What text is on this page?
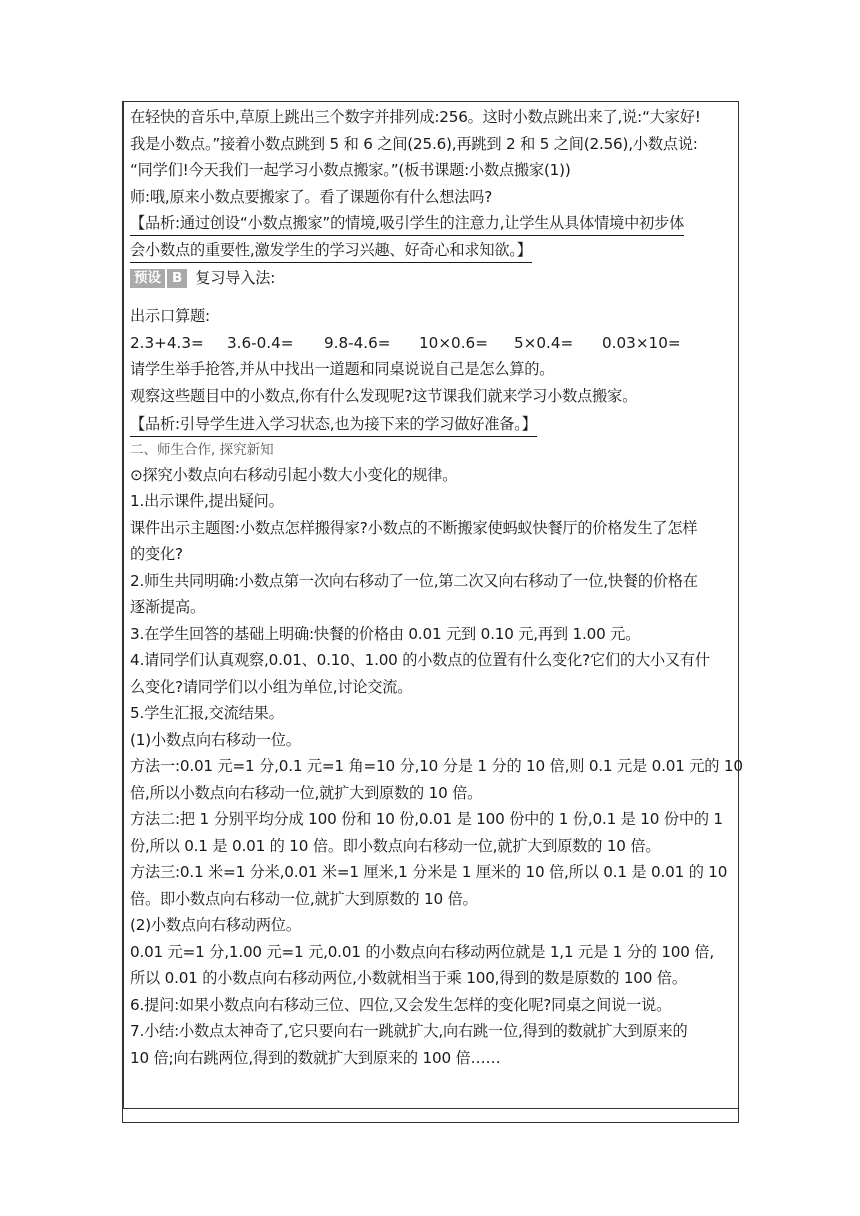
在轻快的音乐中,草原上跳出三个数字并排列成:256。这时小数点跳出来了,说:“大家好!
我是小数点。”接着小数点跳到 5 和 6 之间(25.6),再跳到 2 和 5 之间(2.56),小数点说:
“同学们!今天我们一起学习小数点搬家。”(板书课题:小数点搬家(1))
师:哦,原来小数点要搬家了。看了课题你有什么想法吗?
【品析:通过创设“小数点搬家”的情境,吸引学生的注意力,让学生从具体情境中初步体
会小数点的重要性,激发学生的学习兴趣、好奇心和求知欲。】
预设 B 复习导入法:
出示口算题:
2.3+4.3=	3.6-0.4=	9.8-4.6=	10×0.6=	5×0.4=	0.03×10=
请学生举手抢答,并从中找出一道题和同桌说说自己是怎么算的。
观察这些题目中的小数点,你有什么发现呢?这节课我们就来学习小数点搬家。
【品析:引导学生进入学习状态,也为接下来的学习做好准备。】
二、师生合作, 探究新知
⊙探究小数点向右移动引起小数大小变化的规律。
1.出示课件,提出疑问。
课件出示主题图:小数点怎样搬得家?小数点的不断搬家使蚂蚁快餐厅的价格发生了怎样
的变化?
2.师生共同明确:小数点第一次向右移动了一位,第二次又向右移动了一位,快餐的价格在
逐渐提高。
3.在学生回答的基础上明确:快餐的价格由 0.01 元到 0.10 元,再到 1.00 元。
4.请同学们认真观察,0.01、0.10、1.00 的小数点的位置有什么变化?它们的大小又有什
么变化?请同学们以小组为单位,讨论交流。
5.学生汇报,交流结果。
(1)小数点向右移动一位。
方法一:0.01 元=1 分,0.1 元=1 角=10 分,10 分是 1 分的 10 倍,则 0.1 元是 0.01 元的 10
倍,所以小数点向右移动一位,就扩大到原数的 10 倍。
方法二:把 1 分别平均分成 100 份和 10 份,0.01 是 100 份中的 1 份,0.1 是 10 份中的 1
份,所以 0.1 是 0.01 的 10 倍。即小数点向右移动一位,就扩大到原数的 10 倍。
方法三:0.1 米=1 分米,0.01 米=1 厘米,1 分米是 1 厘米的 10 倍,所以 0.1 是 0.01 的 10
倍。即小数点向右移动一位,就扩大到原数的 10 倍。
(2)小数点向右移动两位。
0.01 元=1 分,1.00 元=1 元,0.01 的小数点向右移动两位就是 1,1 元是 1 分的 100 倍,
所以 0.01 的小数点向右移动两位,小数就相当于乘 100,得到的数是原数的 100 倍。
6.提问:如果小数点向右移动三位、四位,又会发生怎样的变化呢?同桌之间说一说。
7.小结:小数点太神奇了,它只要向右一跳就扩大,向右跳一位,得到的数就扩大到原来的
10 倍;向右跳两位,得到的数就扩大到原来的 100 倍……
